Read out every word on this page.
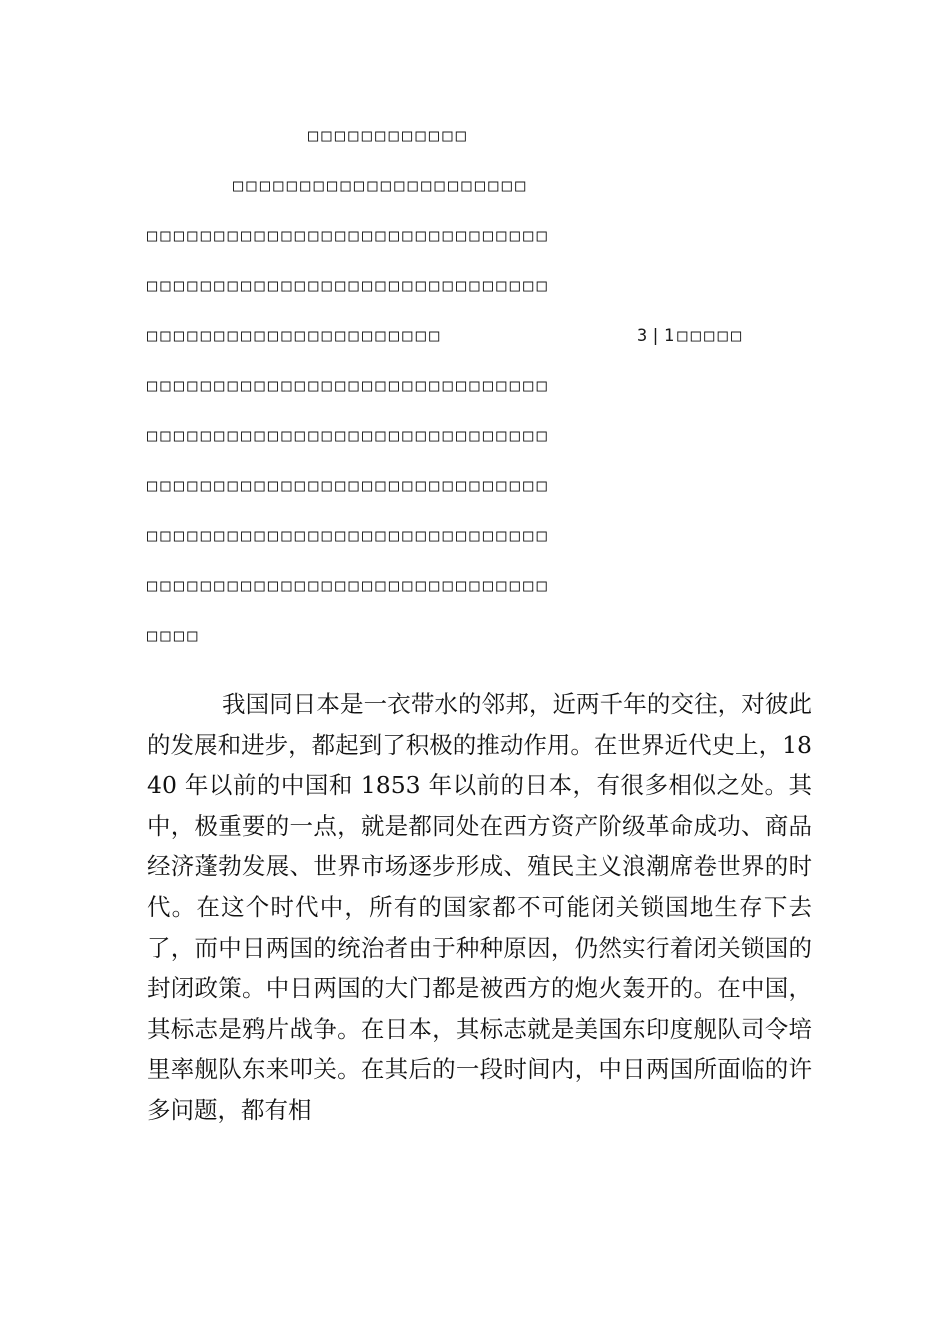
□□□□□□□□□□□□
□□□□□□□□□□□□□□□□□□□□□□
□□□□□□□□□□□□□□□□□□□□□□□□□□□□□□
□□□□□□□□□□□□□□□□□□□□□□□□□□□□□□
□□□□□□□□□□□□□□□□□□□□□□	3|1□□□□□
□□□□□□□□□□□□□□□□□□□□□□□□□□□□□□
□□□□□□□□□□□□□□□□□□□□□□□□□□□□□□
□□□□□□□□□□□□□□□□□□□□□□□□□□□□□□
□□□□□□□□□□□□□□□□□□□□□□□□□□□□□□
□□□□□□□□□□□□□□□□□□□□□□□□□□□□□□
□□□□

我国同日本是一衣带水的邻邦，近两千年的交往，对彼此的发展和进步，都起到了积极的推动作用。在世界近代史上，1840 年以前的中国和 1853 年以前的日本，有很多相似之处。其中，极重要的一点，就是都同处在西方资产阶级革命成功、商品经济蓬勃发展、世界市场逐步形成、殖民主义浪潮席卷世界的时代。在这个时代中，所有的国家都不可能闭关锁国地生存下去了，而中日两国的统治者由于种种原因，仍然实行着闭关锁国的封闭政策。中日两国的大门都是被西方的炮火轰开的。在中国，其标志是鸦片战争。在日本，其标志就是美国东印度舰队司令培里率舰队东来叩关。在其后的一段时间内，中日两国所面临的许多问题，都有相
